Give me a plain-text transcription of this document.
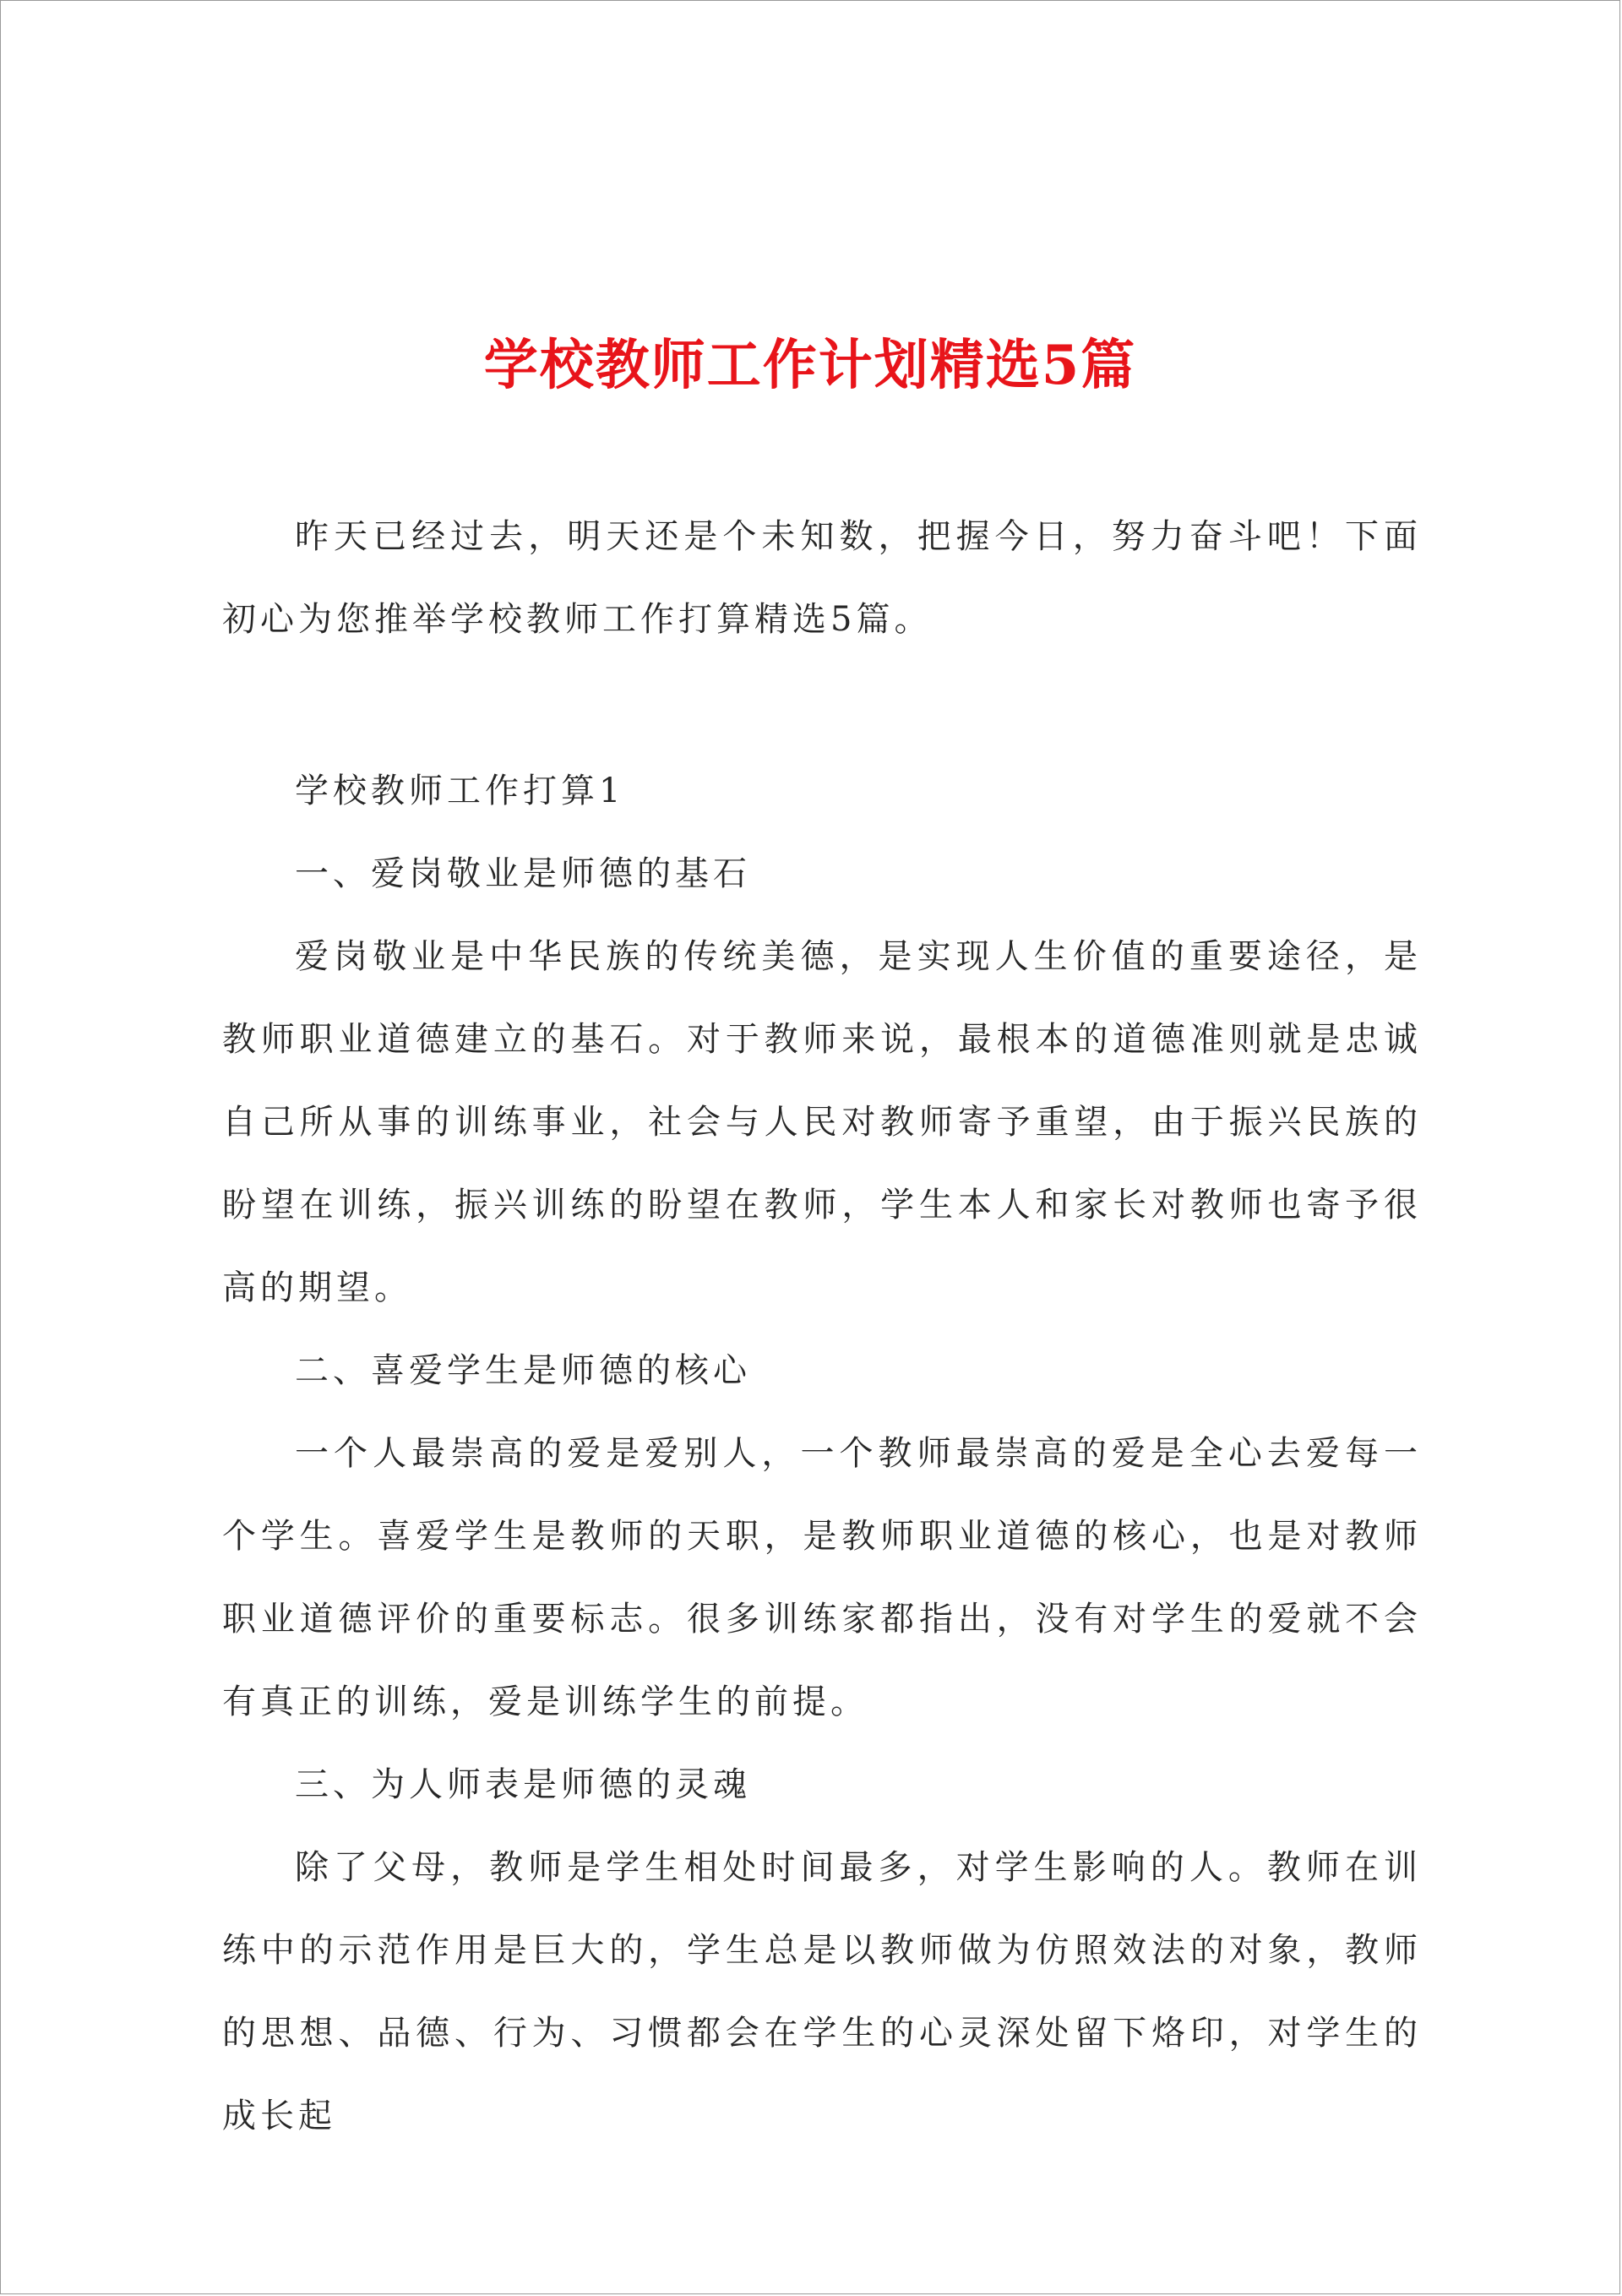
学校教师工作计划精选5篇

昨天已经过去，明天还是个未知数，把握今日，努力奋斗吧！下面初心为您推举学校教师工作打算精选5篇。

学校教师工作打算1

一、爱岗敬业是师德的基石

爱岗敬业是中华民族的传统美德，是实现人生价值的重要途径，是教师职业道德建立的基石。对于教师来说，最根本的道德准则就是忠诚自己所从事的训练事业，社会与人民对教师寄予重望，由于振兴民族的盼望在训练，振兴训练的盼望在教师，学生本人和家长对教师也寄予很高的期望。

二、喜爱学生是师德的核心

一个人最崇高的爱是爱别人，一个教师最崇高的爱是全心去爱每一个学生。喜爱学生是教师的天职，是教师职业道德的核心，也是对教师职业道德评价的重要标志。很多训练家都指出，没有对学生的爱就不会有真正的训练，爱是训练学生的前提。

三、为人师表是师德的灵魂

除了父母，教师是学生相处时间最多，对学生影响的人。教师在训练中的示范作用是巨大的，学生总是以教师做为仿照效法的对象，教师的思想、品德、行为、习惯都会在学生的心灵深处留下烙印，对学生的成长起
